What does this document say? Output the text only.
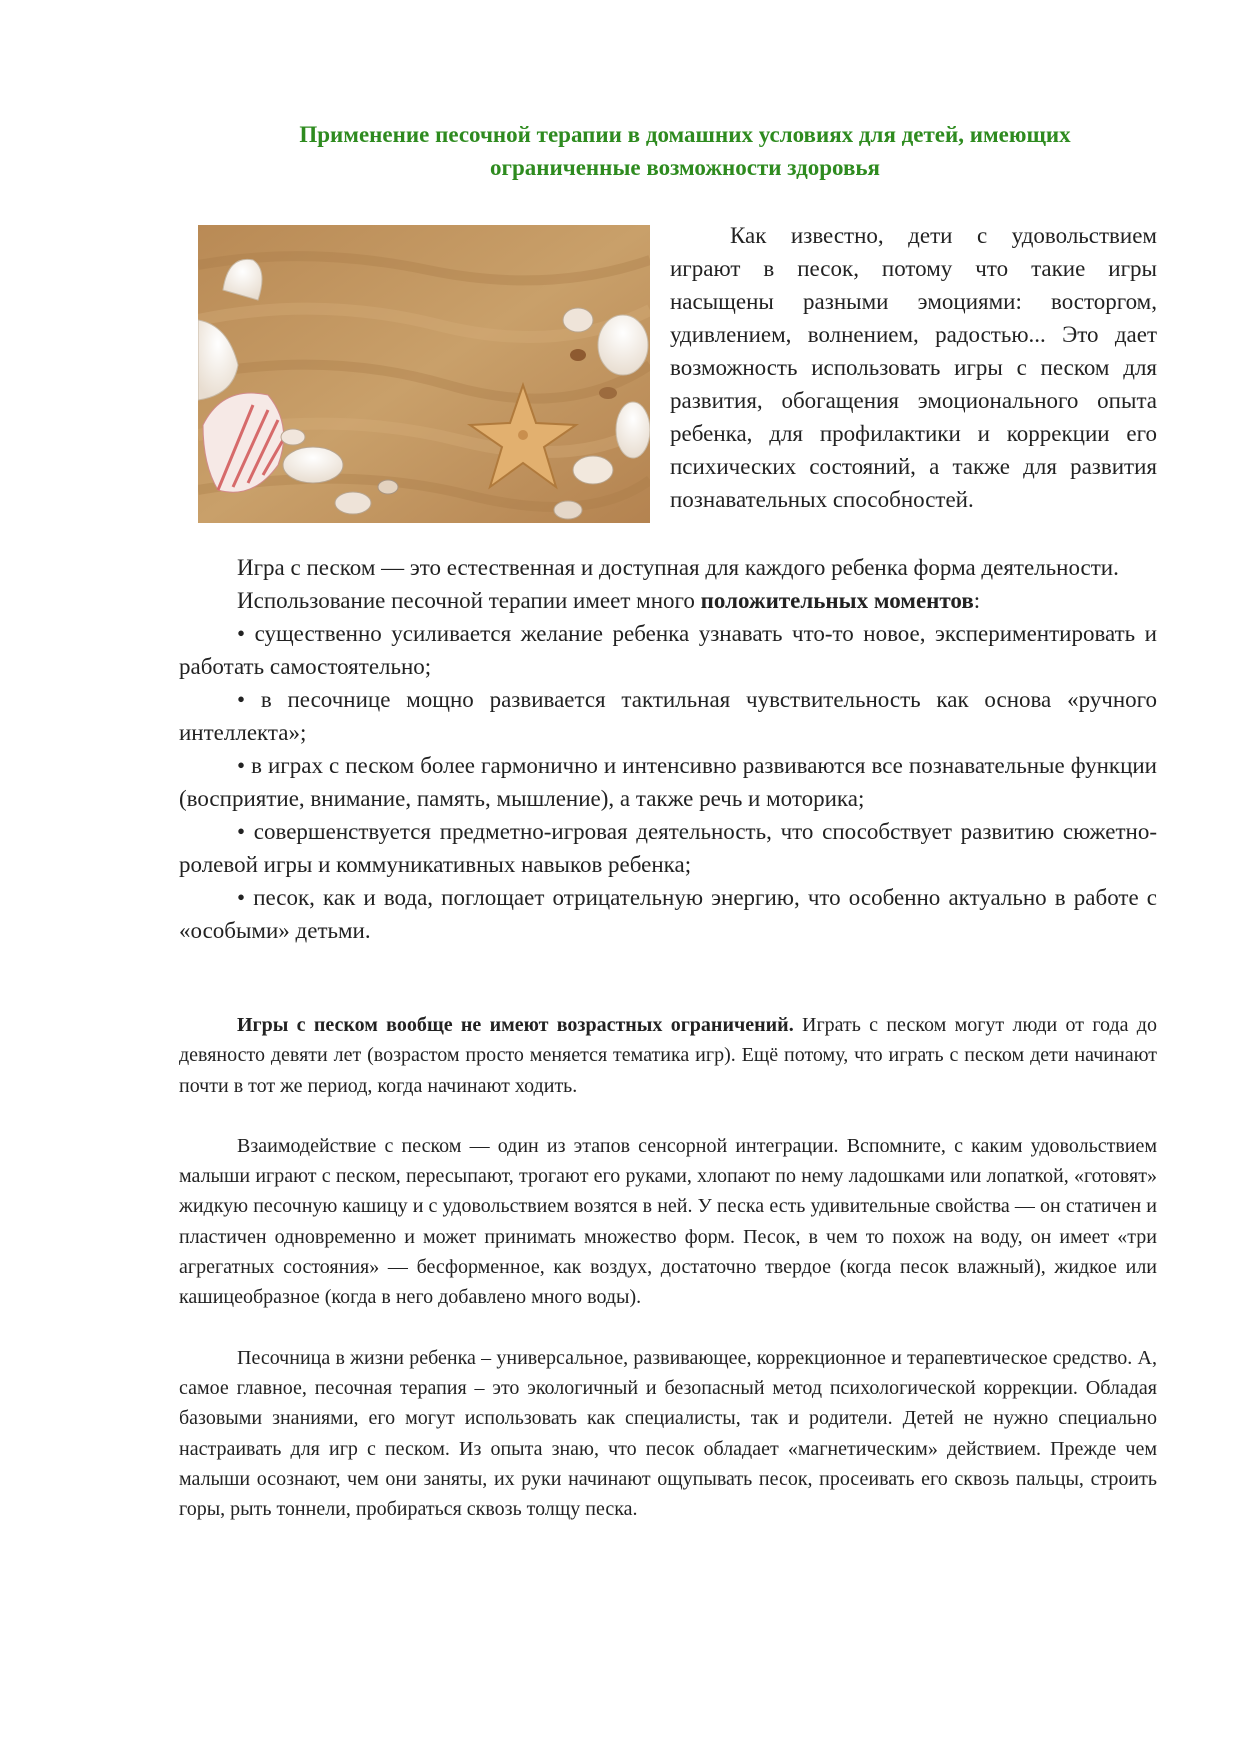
Применение песочной терапии в домашних условиях для детей, имеющих
ограниченные возможности здоровья

Как известно, дети с удовольствием играют в песок, потому что такие игры насыщены разными эмоциями: восторгом, удивлением, волнением, радостью... Это дает возможность использовать игры с песком для развития, обогащения эмоционального опыта ребенка, для профилактики и коррекции его психических состояний, а также для развития познавательных способностей.

Игра с песком — это естественная и доступная для каждого ребенка форма деятельности.

Использование песочной терапии имеет много положительных моментов:

• существенно усиливается желание ребенка узнавать что-то новое, экспериментировать и работать самостоятельно;

• в песочнице мощно развивается тактильная чувствительность как основа «ручного интеллекта»;

• в играх с песком более гармонично и интенсивно развиваются все познавательные функции (восприятие, внимание, память, мышление), а также речь и моторика;

• совершенствуется предметно-игровая деятельность, что способствует развитию сюжетно-ролевой игры и коммуникативных навыков ребенка;

• песок, как и вода, поглощает отрицательную энергию, что особенно актуально в работе с «особыми» детьми.

Игры с песком вообще не имеют возрастных ограничений. Играть с песком могут люди от года до девяносто девяти лет (возрастом просто меняется тематика игр). Ещё потому, что играть с песком дети начинают почти в тот же период, когда начинают ходить.

Взаимодействие с песком — один из этапов сенсорной интеграции. Вспомните, с каким удовольствием малыши играют с песком, пересыпают, трогают его руками, хлопают по нему ладошками или лопаткой, «готовят» жидкую песочную кашицу и с удовольствием возятся в ней. У песка есть удивительные свойства — он статичен и пластичен одновременно и может принимать множество форм. Песок, в чем то похож на воду, он имеет «три агрегатных состояния» — бесформенное, как воздух, достаточно твердое (когда песок влажный), жидкое или кашицеобразное (когда в него добавлено много воды).

Песочница в жизни ребенка – универсальное, развивающее, коррекционное и терапевтическое средство. А, самое главное, песочная терапия – это экологичный и безопасный метод психологической коррекции. Обладая базовыми знаниями, его могут использовать как специалисты, так и родители. Детей не нужно специально настраивать для игр с песком. Из опыта знаю, что песок обладает «магнетическим» действием. Прежде чем малыши осознают, чем они заняты, их руки начинают ощупывать песок, просеивать его сквозь пальцы, строить горы, рыть тоннели, пробираться сквозь толщу песка.
